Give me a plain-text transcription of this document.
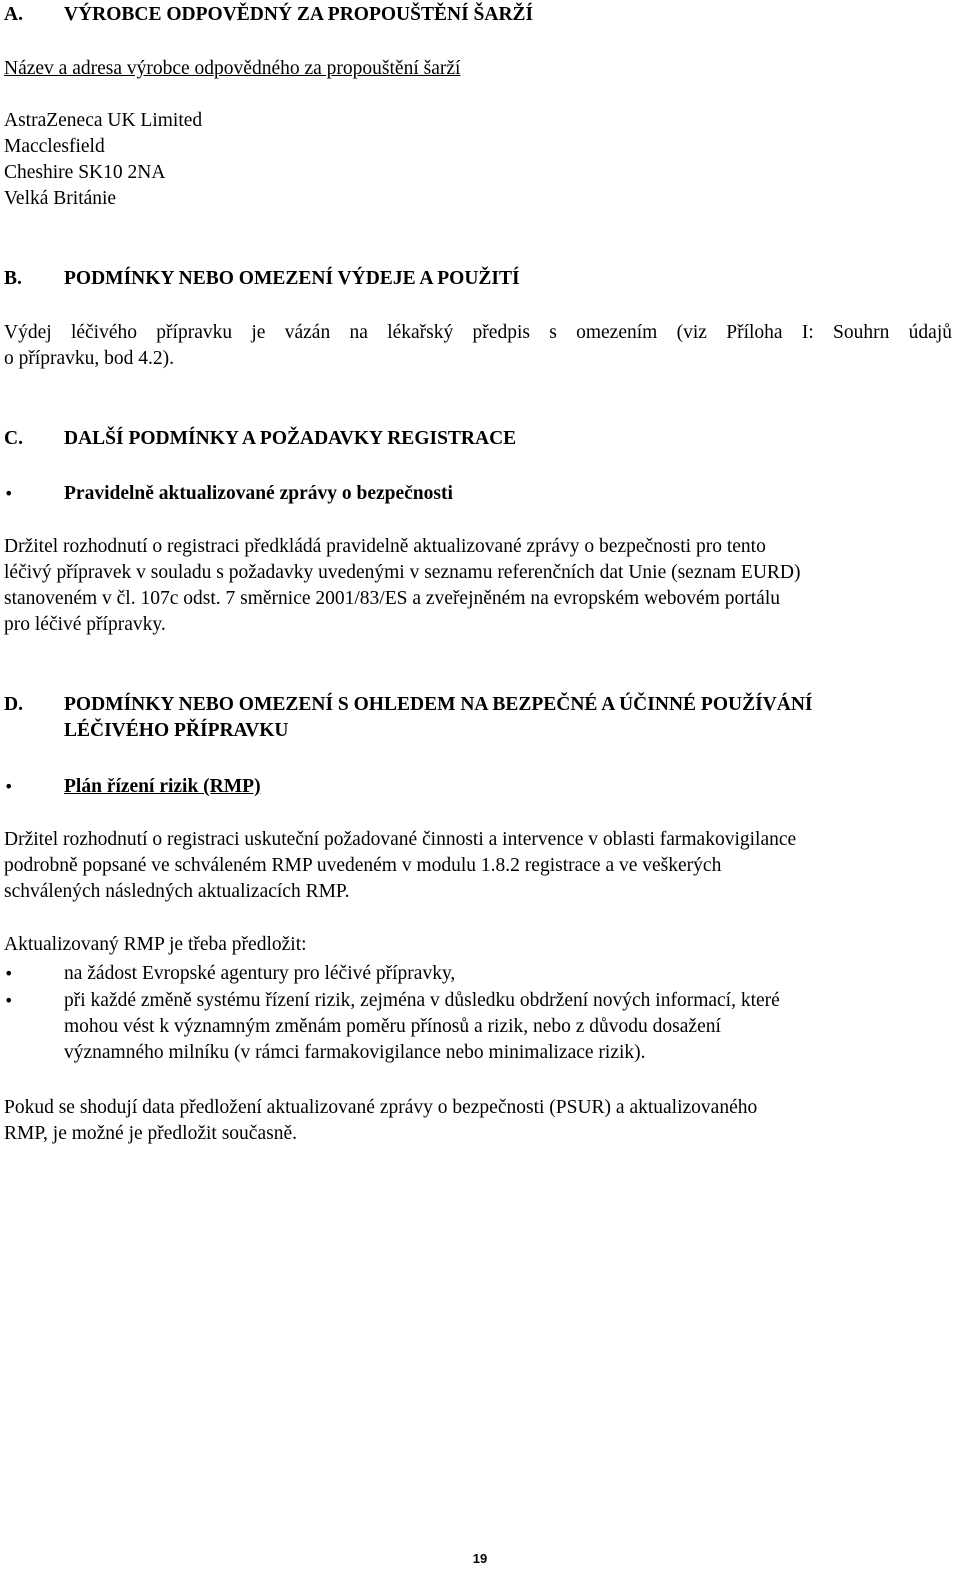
A.	VÝROBCE ODPOVĚDNÝ ZA PROPOUŠTĚNÍ ŠARŽÍ
Název a adresa výrobce odpovědného za propouštění šarží

AstraZeneca UK Limited

Macclesfield

Cheshire SK10 2NA

Velká Británie

B.	PODMÍNKY NEBO OMEZENÍ VÝDEJE A POUŽITÍ

Výdej léčivého přípravku je vázán na lékařský předpis s omezením (viz Příloha I: Souhrn údajů

o přípravku, bod 4.2).

C.	DALŠÍ PODMÍNKY A POŽADAVKY REGISTRACE
•
Pravidelně aktualizované zprávy o bezpečnosti

Držitel rozhodnutí o registraci předkládá pravidelně aktualizované zprávy o bezpečnosti pro tento

léčivý přípravek v souladu s požadavky uvedenými v seznamu referenčních dat Unie (seznam EURD)

stanoveném v čl. 107c odst. 7 směrnice 2001/83/ES a zveřejněném na evropském webovém portálu

pro léčivé přípravky.

D.	PODMÍNKY NEBO OMEZENÍ S OHLEDEM NA BEZPEČNÉ A ÚČINNÉ POUŽÍVÁNÍ
LÉČIVÉHO PŘÍPRAVKU
•
Plán řízení rizik (RMP)

Držitel rozhodnutí o registraci uskuteční požadované činnosti a intervence v oblasti farmakovigilance

podrobně popsané ve schváleném RMP uvedeném v modulu 1.8.2 registrace a ve veškerých

schválených následných aktualizacích RMP.

Aktualizovaný RMP je třeba předložit:

•
na žádost Evropské agentury pro léčivé přípravky,
•

při každé změně systému řízení rizik, zejména v důsledku obdržení nových informací, které

mohou vést k významným změnám poměru přínosů a rizik, nebo z důvodu dosažení

významného milníku (v rámci farmakovigilance nebo minimalizace rizik).

Pokud se shodují data předložení aktualizované zprávy o bezpečnosti (PSUR) a aktualizovaného

RMP, je možné je předložit současně.

19
